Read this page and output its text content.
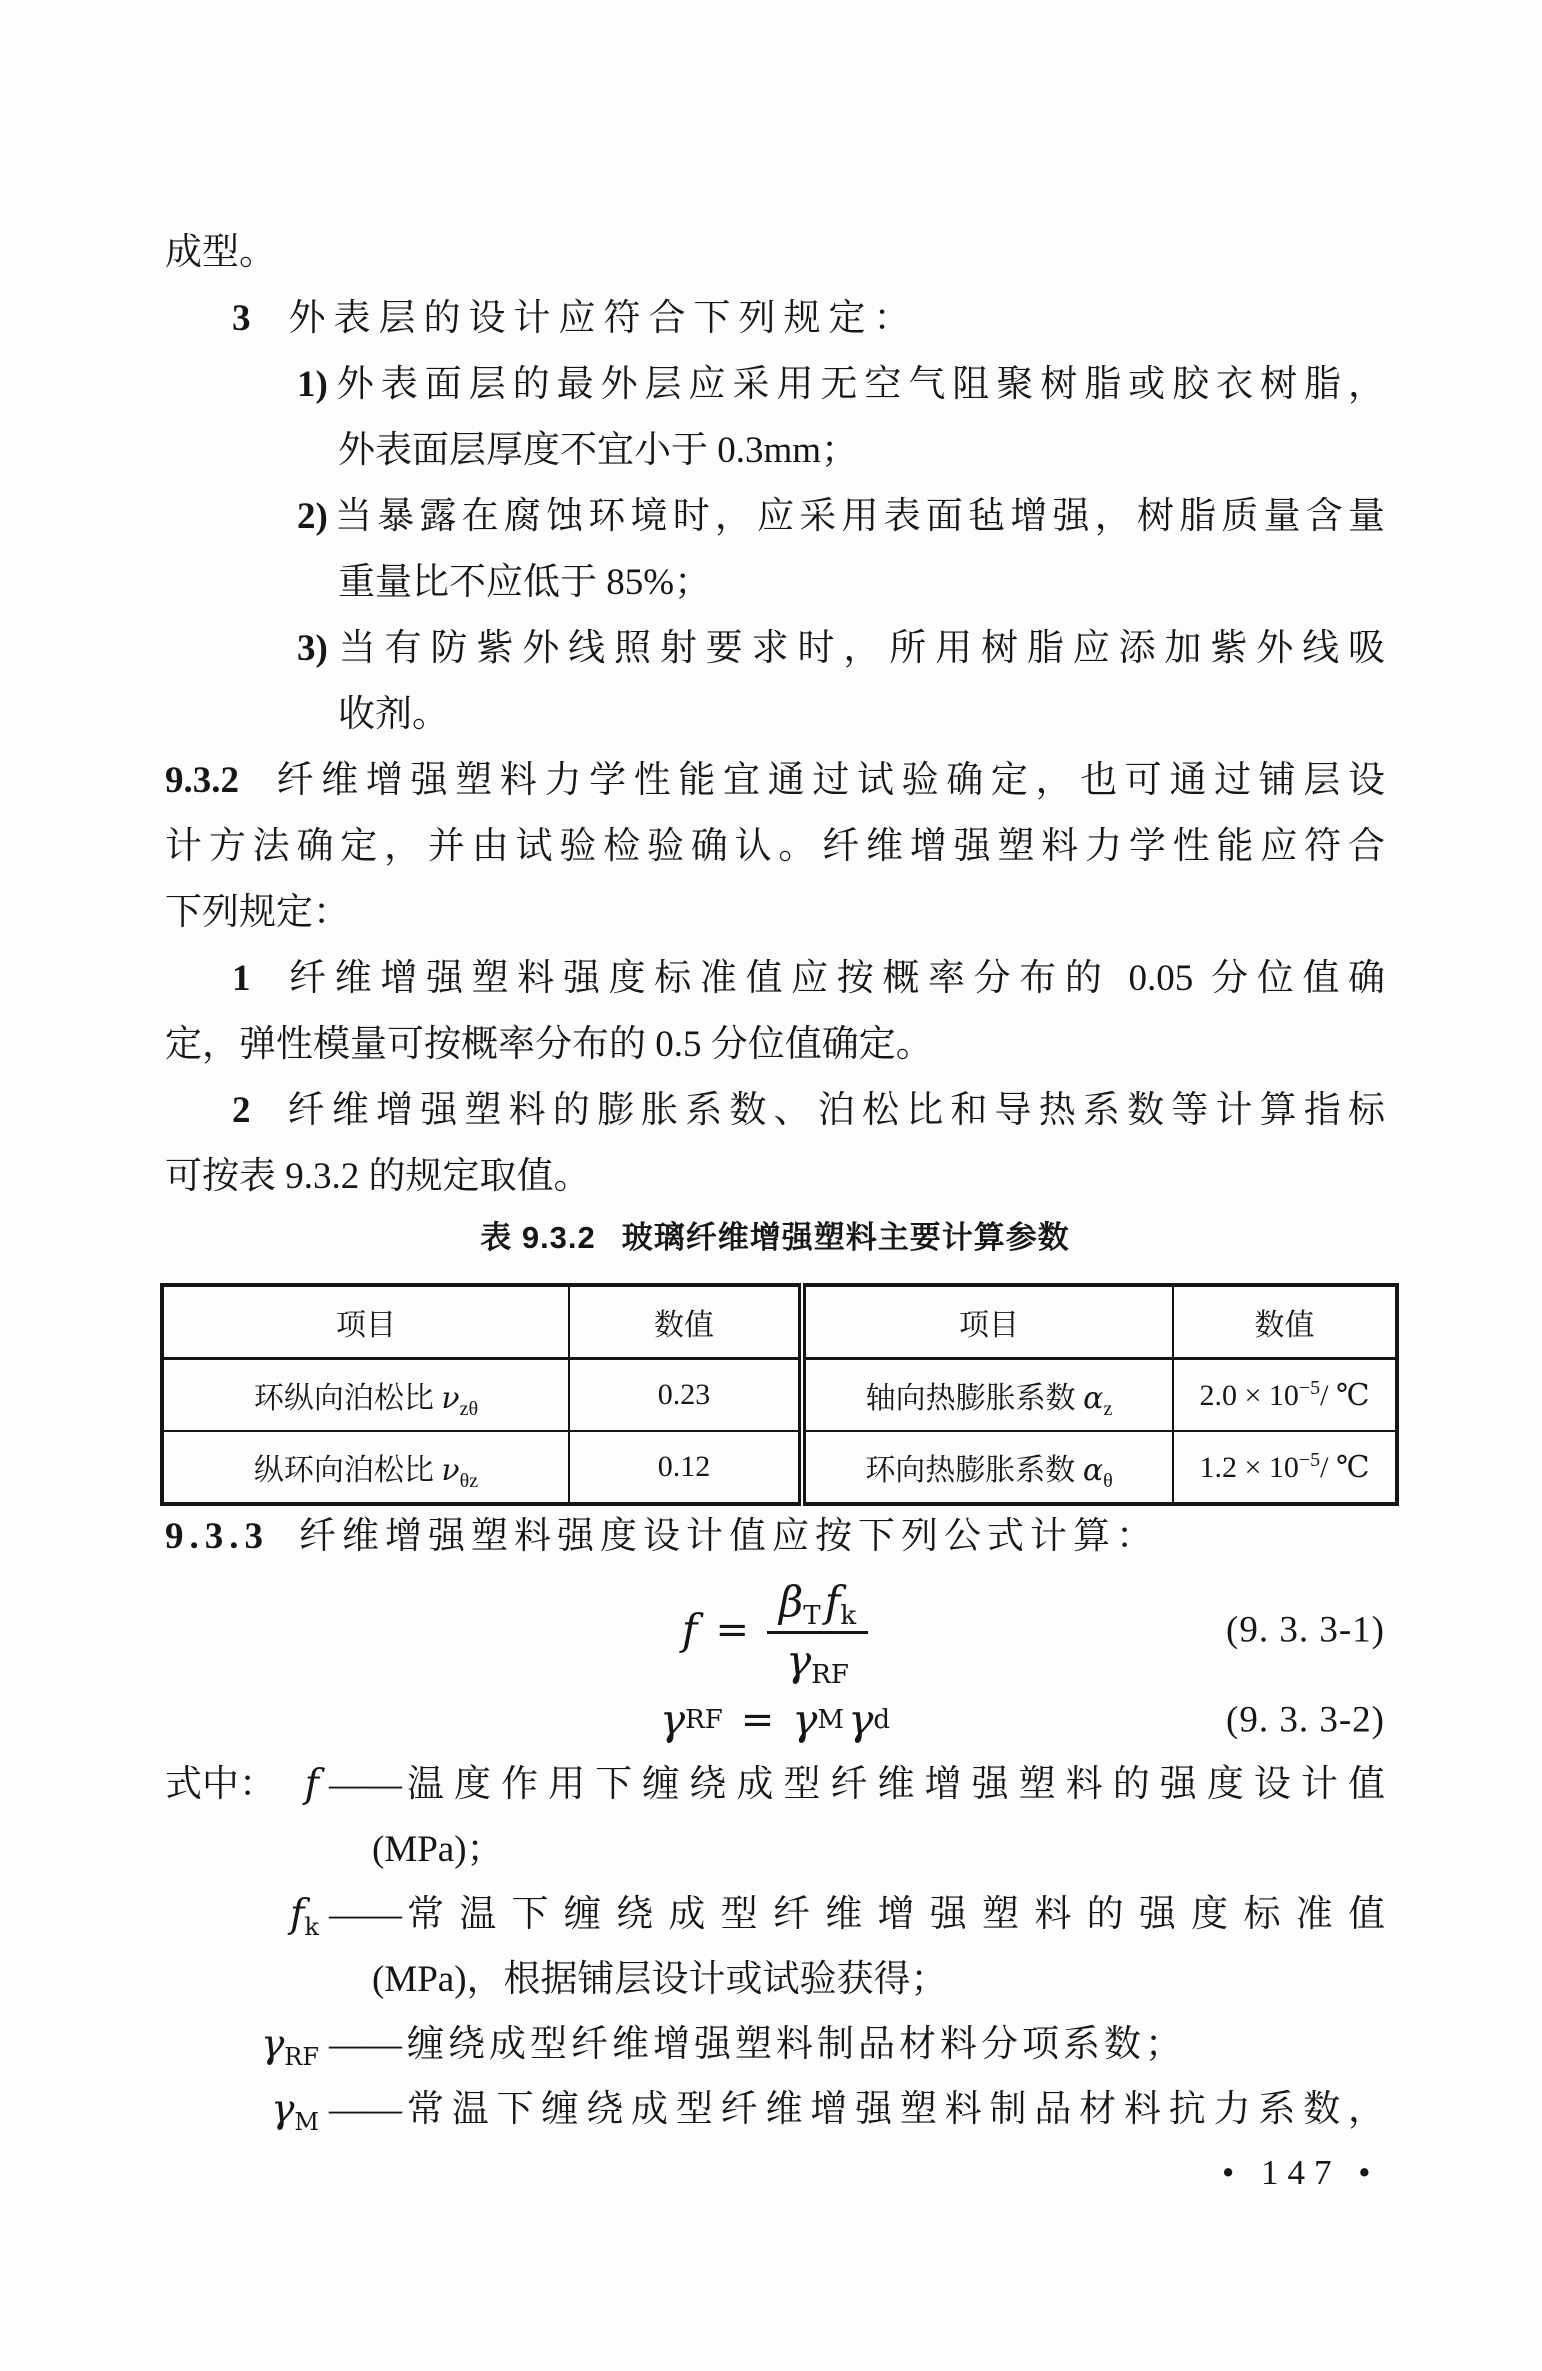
成型。
3 外表层的设计应符合下列规定：
1)外表面层的最外层应采用无空气阻聚树脂或胶衣树脂，
外表面层厚度不宜小于 0.3mm；
2)当暴露在腐蚀环境时，应采用表面毡增强，树脂质量含量
重量比不应低于 85%；
3)当有防紫外线照射要求时，所用树脂应添加紫外线吸
收剂。
9.3.2 纤维增强塑料力学性能宜通过试验确定，也可通过铺层设
计方法确定，并由试验检验确认。纤维增强塑料力学性能应符合
下列规定：
1 纤维增强塑料强度标准值应按概率分布的 0.05 分位值确
定，弹性模量可按概率分布的 0.5 分位值确定。
2 纤维增强塑料的膨胀系数、泊松比和导热系数等计算指标
可按表 9.3.2 的规定取值。
表 9.3.2 玻璃纤维增强塑料主要计算参数
项目	数值	项目	数值
环纵向泊松比 $\nu_{z\theta}$	0.23	轴向热膨胀系数 $\alpha_z$	$2.0 \times 10^{-5}/$ ℃
纵环向泊松比 $\nu_{\theta z}$	0.12	环向热膨胀系数 $\alpha_\theta$	$1.2 \times 10^{-5}/$ ℃
9.3.3 纤维增强塑料强度设计值应按下列公式计算：
$f = \frac{\beta_T f_k}{\gamma_{RF}}$	(9. 3. 3-1)
γ RF = γ M
  γ d	(9. 3. 3-2)
式中： f —— 温度作用下缠绕成型纤维增强塑料的强度设计值
(MPa)；
$f_k$ —— 常温下缠绕成型纤维增强塑料的强度标准值
(MPa)，根据铺层设计或试验获得；
$\gamma_{RF}$ —— 缠绕成型纤维增强塑料制品材料分项系数；
$\gamma_M$ —— 常温下缠绕成型纤维增强塑料制品材料抗力系数，
• 147 •
